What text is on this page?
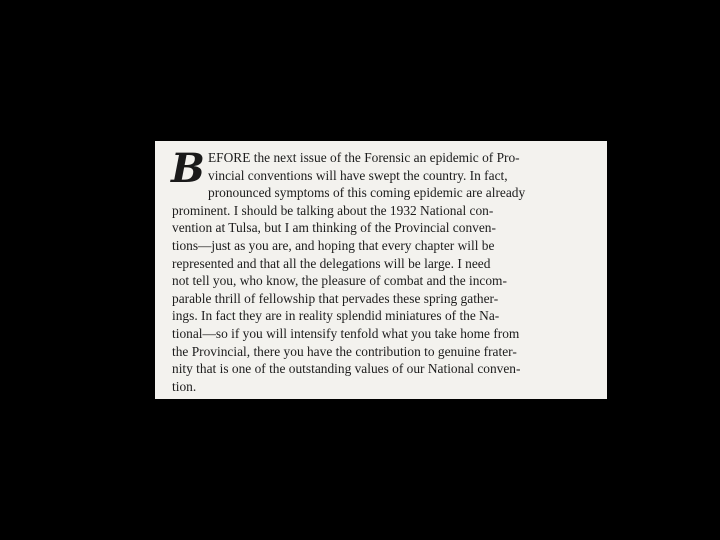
B EFORE the next issue of the Forensic an epidemic of Pro-
vincial conventions will have swept the country. In fact,
pronounced symptoms of this coming epidemic are already
prominent. I should be talking about the 1932 National con-
vention at Tulsa, but I am thinking of the Provincial conven-
tions—just as you are, and hoping that every chapter will be
represented and that all the delegations will be large. I need
not tell you, who know, the pleasure of combat and the incom-
parable thrill of fellowship that pervades these spring gather-
ings. In fact they are in reality splendid miniatures of the Na-
tional—so if you will intensify tenfold what you take home from
the Provincial, there you have the contribution to genuine frater-
nity that is one of the outstanding values of our National conven-
tion.
